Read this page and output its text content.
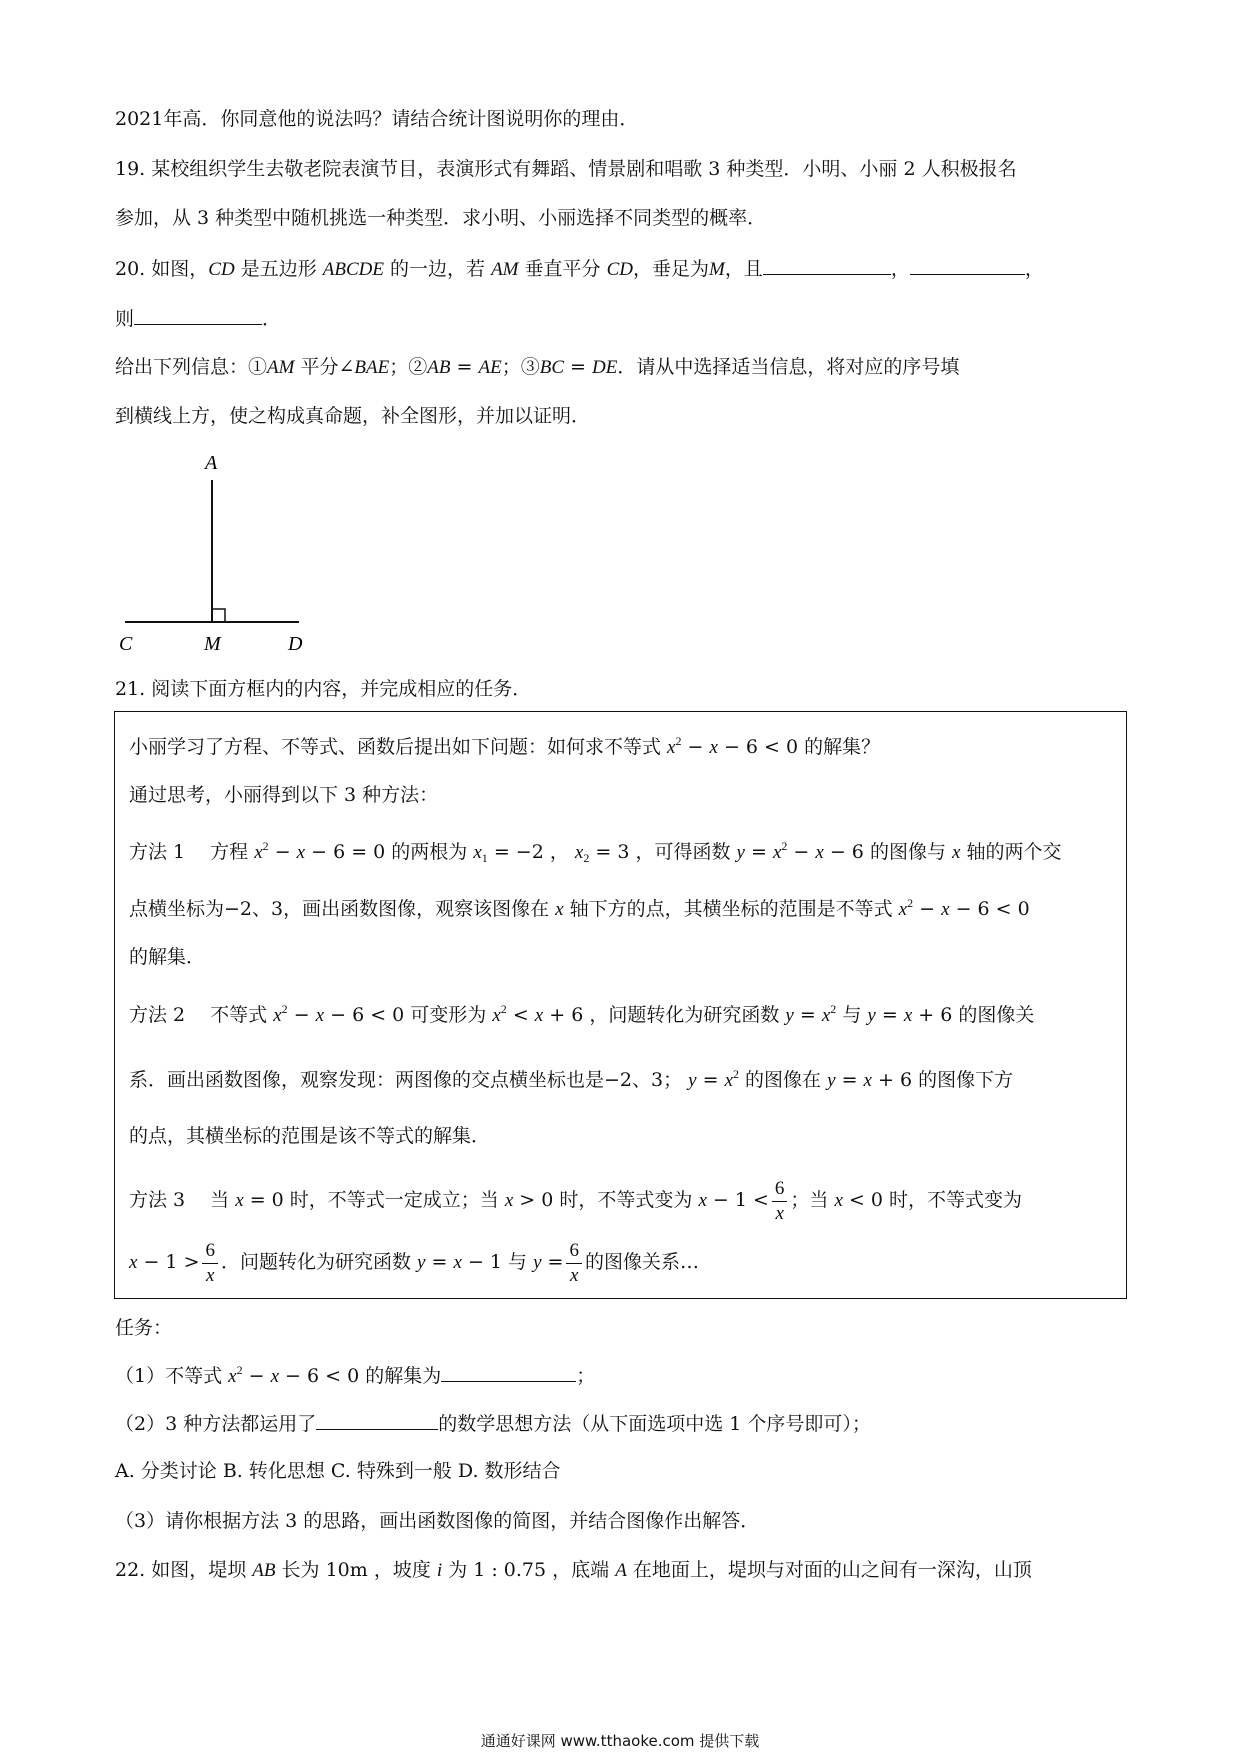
2021年高．你同意他的说法吗？请结合统计图说明你的理由．
19. 某校组织学生去敬老院表演节目，表演形式有舞蹈、情景剧和唱歌 3 种类型．小明、小丽 2 人积极报名
参加，从 3 种类型中随机挑选一种类型．求小明、小丽选择不同类型的概率．
20. 如图，CD 是五边形 ABCDE 的一边，若 AM 垂直平分 CD，垂足为M，且	，	，
则	．
给出下列信息：①AM 平分∠BAE；②AB = AE；③BC = DE．请从中选择适当信息，将对应的序号填
到横线上方，使之构成真命题，补全图形，并加以证明．
A
C	M	D
21. 阅读下面方框内的内容，并完成相应的任务．
小丽学习了方程、不等式、函数后提出如下问题：如何求不等式 $x^2 - x - 6 < 0$ 的解集？
通过思考，小丽得到以下 3 种方法：
方法 1　 方程 $x^2 - x - 6 = 0$ 的两根为 $x_1 = -2$ ， $x_2 = 3$ ，可得函数 $y = x^2 - x - 6$ 的图像与 x 轴的两个交
点横坐标为−2、3，画出函数图像，观察该图像在 x 轴下方的点，其横坐标的范围是不等式 $x^2 - x - 6 < 0$
的解集．
方法 2　 不等式 $x^2 - x - 6 < 0$ 可变形为 $x^2 < x + 6$ ，问题转化为研究函数 $y = x^2$ 与 y = x + 6 的图像关
系．画出函数图像，观察发现：两图像的交点横坐标也是−2、3； $y = x^2$ 的图像在 y = x + 6 的图像下方
的点，其横坐标的范围是该不等式的解集．
方法 3　 当 x = 0 时，不等式一定成立；当 x > 0 时，不等式变为 $x - 1 < \frac{6}{x}$ ；当 x < 0 时，不等式变为
$x - 1 > \frac{6}{x}$ ．问题转化为研究函数 y = x − 1 与 $y = \frac{6}{x}$ 的图像关系…
任务：
（1）不等式 $x^2 - x - 6 < 0$ 的解集为	；
（2）3 种方法都运用了	的数学思想方法（从下面选项中选 1 个序号即可）；
A. 分类讨论 B. 转化思想 C. 特殊到一般 D. 数形结合
（3）请你根据方法 3 的思路，画出函数图像的简图，并结合图像作出解答．
22. 如图，堤坝 AB 长为 10m ，坡度 i 为 1 : 0.75 ，底端 A 在地面上，堤坝与对面的山之间有一深沟，山顶
通通好课网 www.tthaoke.com 提供下载
